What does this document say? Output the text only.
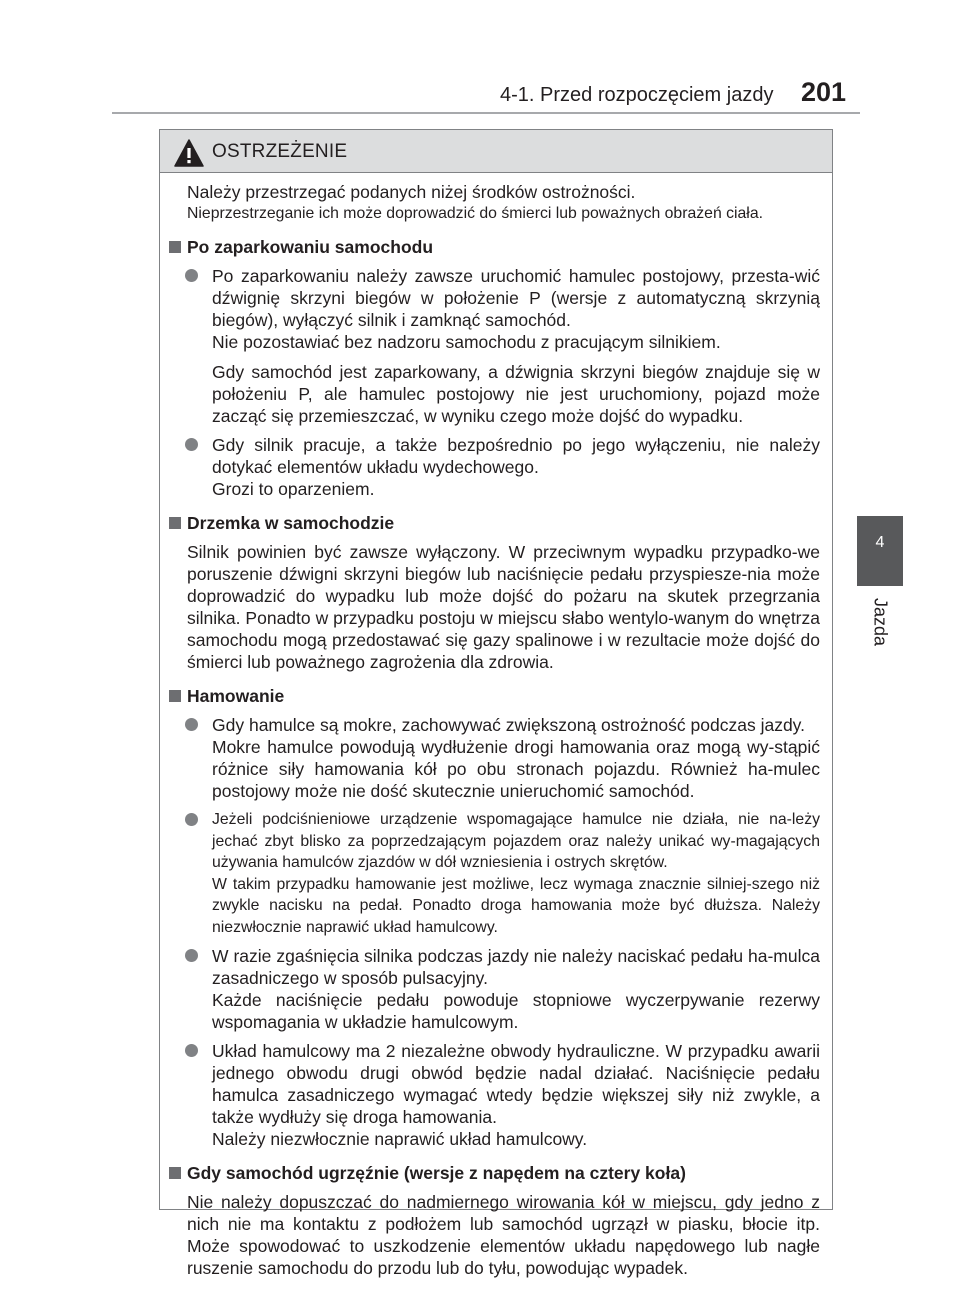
4-1. Przed rozpoczęciem jazdy 201
4
Jazda
OSTRZEŻENIE
Należy przestrzegać podanych niżej środków ostrożności.
Nieprzestrzeganie ich może doprowadzić do śmierci lub poważnych obrażeń ciała.
Po zaparkowaniu samochodu

Po zaparkowaniu należy zawsze uruchomić hamulec postojowy, przesta-wić dźwignię skrzyni biegów w położenie P (wersje z automatyczną skrzynią biegów), wyłączyć silnik i zamknąć samochód.

Nie pozostawiać bez nadzoru samochodu z pracującym silnikiem.

Gdy samochód jest zaparkowany, a dźwignia skrzyni biegów znajduje się w położeniu P, ale hamulec postojowy nie jest uruchomiony, pojazd może zacząć się przemieszczać, w wyniku czego może dojść do wypadku.

Gdy silnik pracuje, a także bezpośrednio po jego wyłączeniu, nie należy dotykać elementów układu wydechowego.

Grozi to oparzeniem.

Drzemka w samochodzie

Silnik powinien być zawsze wyłączony. W przeciwnym wypadku przypadko-we poruszenie dźwigni skrzyni biegów lub naciśnięcie pedału przyspiesze-nia może doprowadzić do wypadku lub może dojść do pożaru na skutek przegrzania silnika. Ponadto w przypadku postoju w miejscu słabo wentylo-wanym do wnętrza samochodu mogą przedostawać się gazy spalinowe i w rezultacie może dojść do śmierci lub poważnego zagrożenia dla zdrowia.

Hamowanie

Gdy hamulce są mokre, zachowywać zwiększoną ostrożność podczas jazdy.

Mokre hamulce powodują wydłużenie drogi hamowania oraz mogą wy-stąpić różnice siły hamowania kół po obu stronach pojazdu. Również ha-mulec postojowy może nie dość skutecznie unieruchomić samochód.

Jeżeli podciśnieniowe urządzenie wspomagające hamulce nie działa, nie na-leży jechać zbyt blisko za poprzedzającym pojazdem oraz należy unikać wy-magających używania hamulców zjazdów w dół wzniesienia i ostrych skrętów.

W takim przypadku hamowanie jest możliwe, lecz wymaga znacznie silniej-szego niż zwykle nacisku na pedał. Ponadto droga hamowania może być dłuższa. Należy niezwłocznie naprawić układ hamulcowy.

W razie zgaśnięcia silnika podczas jazdy nie należy naciskać pedału ha-mulca zasadniczego w sposób pulsacyjny.

Każde naciśnięcie pedału powoduje stopniowe wyczerpywanie rezerwy wspomagania w układzie hamulcowym.

Układ hamulcowy ma 2 niezależne obwody hydrauliczne. W przypadku awarii jednego obwodu drugi obwód będzie nadal działać. Naciśnięcie pedału hamulca zasadniczego wymagać wtedy będzie większej siły niż zwykle, a także wydłuży się droga hamowania.

Należy niezwłocznie naprawić układ hamulcowy.

Gdy samochód ugrzęźnie (wersje z napędem na cztery koła)

Nie należy dopuszczać do nadmiernego wirowania kół w miejscu, gdy jedno z nich nie ma kontaktu z podłożem lub samochód ugrzązł w piasku, błocie itp. Może spowodować to uszkodzenie elementów układu napędowego lub nagłe ruszenie samochodu do przodu lub do tyłu, powodując wypadek.
